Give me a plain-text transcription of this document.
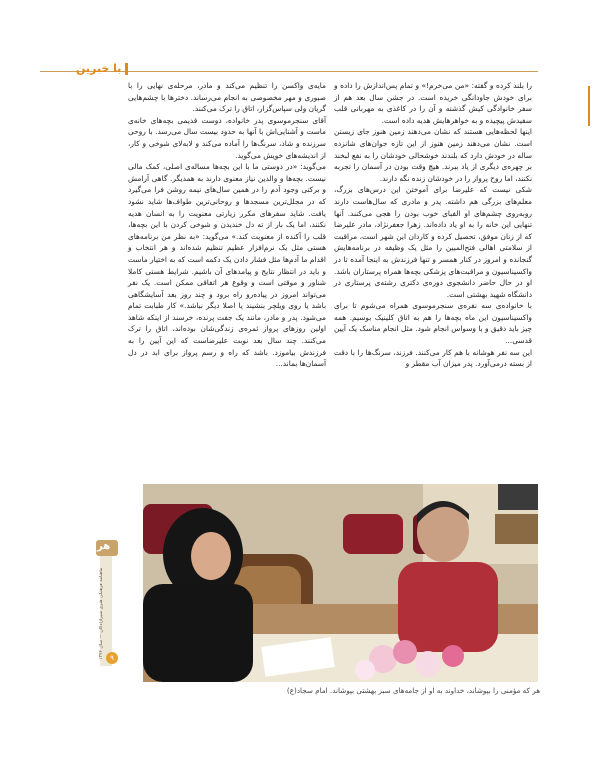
با خبرین

را بلند کرده و گفته: «من می‌خرم!» و تمام پس‌اندازش را داده و برای خودش جاودانگی خریده است. در جشن سال بعد هم از سفر خانوادگی کیش گذشته و آن را در کاغذی به مهربانی قلب سفیدش پیچیده و به خواهرهایش هدیه داده است.

اینها لحظه‌هایی هستند که نشان می‌دهند زمین هنوز جای زیستن است. نشان می‌دهند زمین هنوز از این تازه جوان‌های شانزده ساله در خودش دارد که بلندند خوشحالی خودشان را به نفع لبخند بر چهره‌ی دیگری از یاد ببرند. هیچ وقت بودن در آسمان را تجربه نکنند، اما روح پرواز را در خودشان زنده نگه دارند.

شکی نیست که علیرضا برای آموختن این درس‌های بزرگ، معلم‌های بزرگی هم داشته. پدر و مادری که سال‌هاست دارند روبه‌روی چشم‌های او الفبای خوب بودن را هجی می‌کنند. آنها تنهایی این خانه را به او یاد داده‌اند. زهرا جعفرنژاد، مادر علیرضا که از زنان موفق، تحصیل کرده و کاردان این شهر است، مراقبت از سلامتی اهالی فتح‌المبین را مثل یک وظیفه در برنامه‌هایش گنجانده و امروز در کنار همسر و تنها فرزندش به اینجا آمده تا در واکسیناسیون و مراقبت‌های پزشکی بچه‌ها همراه پرستاران باشد. او در حال حاضر دانشجوی دوره‌ی دکتری رشته‌ی پرستاری در دانشگاه شهید بهشتی است.

با خانواده‌ی سه نفره‌ی سنجرموسوی همراه می‌شوم تا برای واکسیناسیون این ماه بچه‌ها را هم به اتاق کلینیک بوسیم. همه چیز باید دقیق و با وسواس انجام شود. مثل انجام مناسک یک آیین قدسی...

این سه نفر هوشانه با هم کار می‌کنند. فرزند، سرنگ‌ها را با دقت از بسته درمی‌آورد. پدر میزان آب مقطر و

مایه‌ی واکسن را تنظیم می‌کند و مادر، مرحله‌ی نهایی را با صبوری و مهر مخصوصی به انجام می‌رساند. دخترها با چشم‌هایی گریان ولی سپاس‌گزار، اتاق را ترک می‌کنند.

آقای سنجرموسوی پدر خانواده، دوست قدیمی بچه‌های خانه‌ی ماست و آشنایی‌اش با آنها به حدود بیست سال می‌رسد. با روحی سرزنده و شاد، سرنگ‌ها را آماده می‌کند و لابه‌لای شوخی و کار، از اندیشه‌های خویش می‌گوید.

می‌گوید: «در دوستی ما با این بچه‌ها مساله‌ی اصلی، کمک مالی نیست. بچه‌ها و والدین نیاز معنوی دارند به همدیگر. گاهی آرامش و برکتی وجود آدم را در همین سال‌های نیمه روشن فرا می‌گیرد که در مجلل‌ترین مسجدها و روحانی‌ترین طواف‌ها شاید نشود یافت. شاید سفرهای مکرر زیارتی معنویت را به انسان هدیه نکنند، اما یک بار از ته دل خندیدن و شوخی کردن با این بچه‌ها، قلب را آکنده از معنویت کند.» می‌گوید: «به نظر من برنامه‌های هستی مثل یک نرم‌افزار عظیم تنظیم شده‌اند و هر انتخاب و اقدام ما آدم‌ها مثل فشار دادن یک دکمه است که به اختیار ماست و باید در انتظار نتایج و پیامدهای آن باشیم. شرایط هستی کاملا شناور و موقتی است و وقوع هر اتفاقی ممکن است. یک نفر می‌تواند امروز در پیاده‌رو راه برود و چند روز بعد آسایشگاهی باشد یا روی ویلچر بنشیند یا اصلا دیگر نباشد.» کار طبابت تمام می‌شود. پدر و مادر، مانند یک جفت پرنده، خرسند از اینکه شاهد اولین روزهای پرواز ثمره‌ی زندگی‌شان بوده‌اند، اتاق را ترک می‌کنند. چند سال بعد نوبت علیرضاست که این آیین را به فرزندش بیاموزد. باشد که راه و رسم پرواز برای ابد در دل آسمان‌ها بماند...

هر که مؤمنی را بپوشاند، خداوند به او از جامه‌های سبز بهشتی بپوشاند. امام سجاد(ع)
هر
ماهنامه فرهنگی هنری شیرآزادگان — سال ۱۳۹۴
۹
